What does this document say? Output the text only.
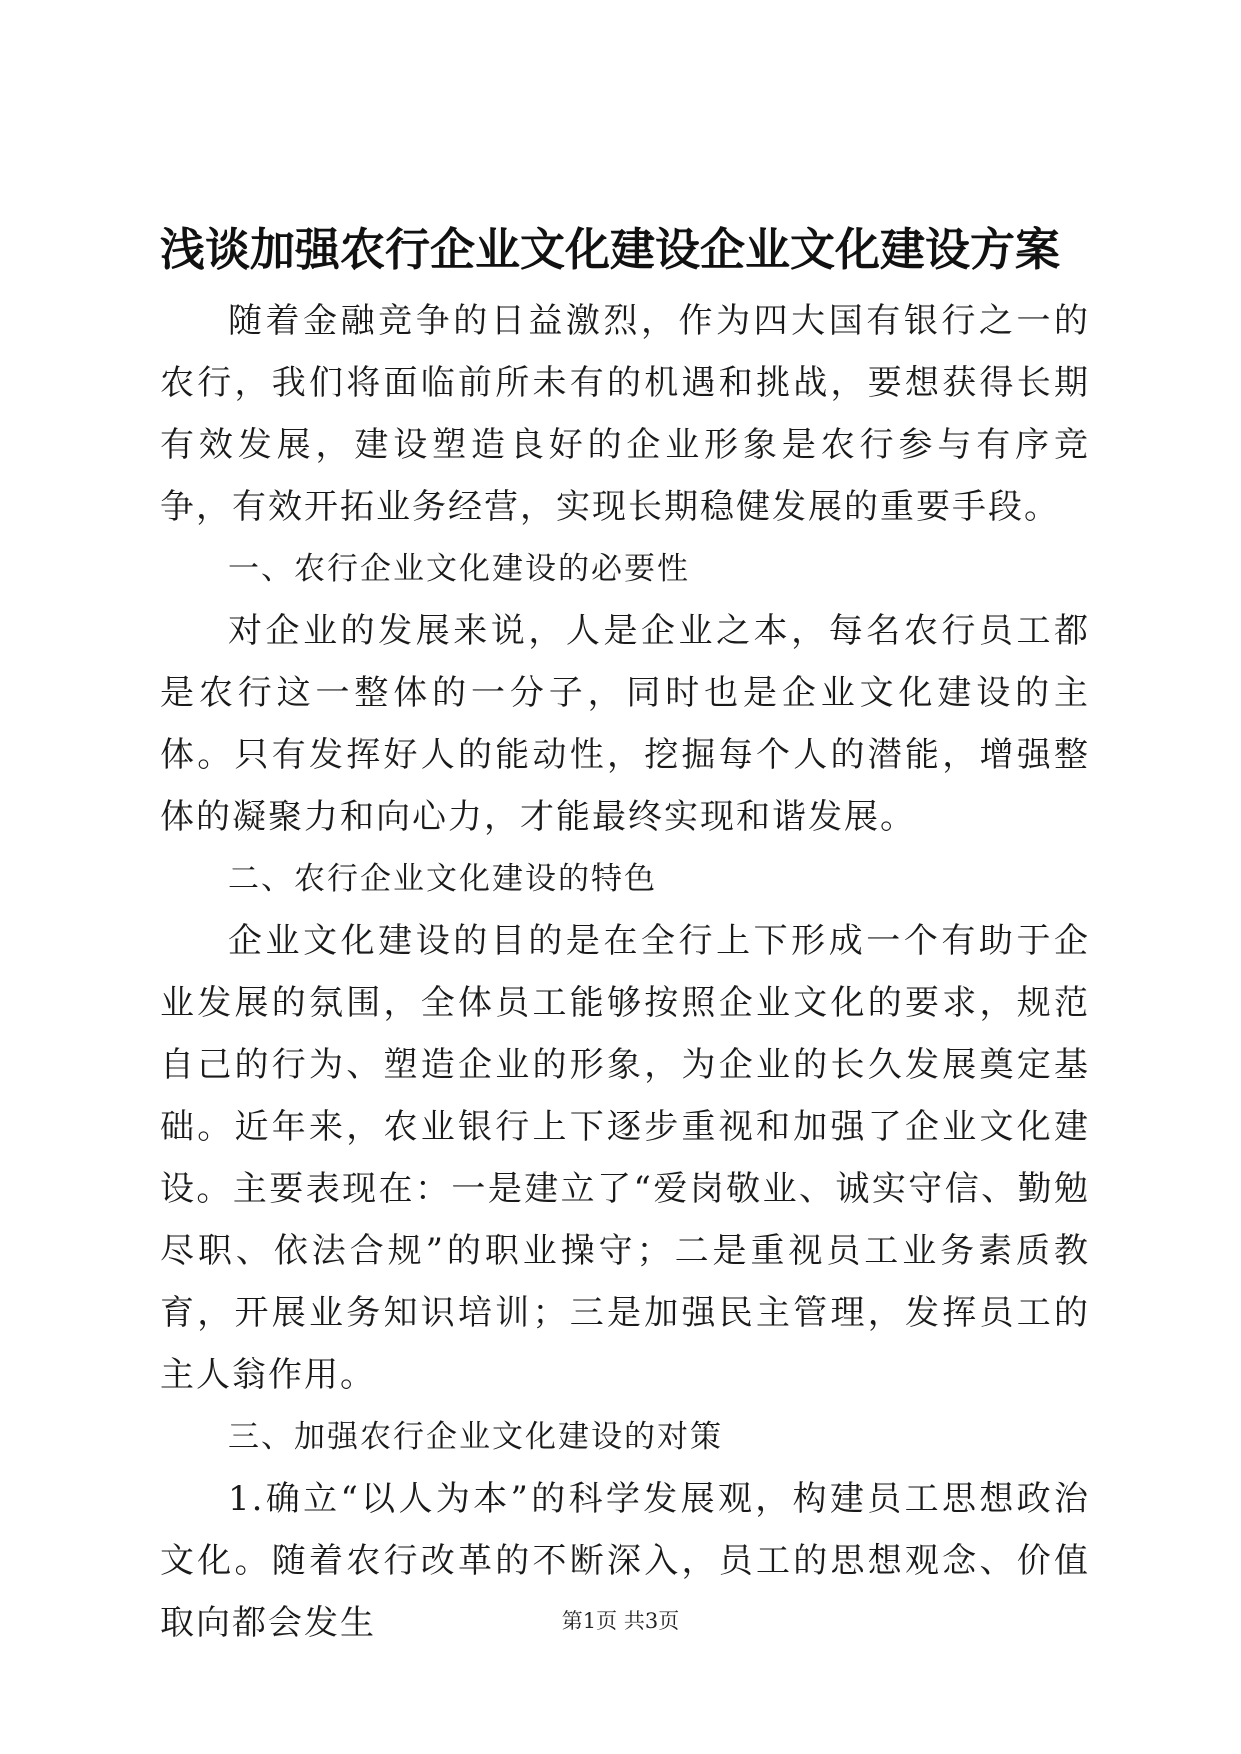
浅谈加强农行企业文化建设企业文化建设方案

随着金融竞争的日益激烈，作为四大国有银行之一的农行，我们将面临前所未有的机遇和挑战，要想获得长期有效发展，建设塑造良好的企业形象是农行参与有序竞争，有效开拓业务经营，实现长期稳健发展的重要手段。

一、农行企业文化建设的必要性

对企业的发展来说，人是企业之本，每名农行员工都是农行这一整体的一分子，同时也是企业文化建设的主体。只有发挥好人的能动性，挖掘每个人的潜能，增强整体的凝聚力和向心力，才能最终实现和谐发展。

二、农行企业文化建设的特色

企业文化建设的目的是在全行上下形成一个有助于企业发展的氛围，全体员工能够按照企业文化的要求，规范自己的行为、塑造企业的形象，为企业的长久发展奠定基础。近年来，农业银行上下逐步重视和加强了企业文化建设。主要表现在：一是建立了“爱岗敬业、诚实守信、勤勉尽职、依法合规”的职业操守；二是重视员工业务素质教育，开展业务知识培训；三是加强民主管理，发挥员工的主人翁作用。

三、加强农行企业文化建设的对策

1.确立“以人为本”的科学发展观，构建员工思想政治文化。随着农行改革的不断深入，员工的思想观念、价值取向都会发生	第1页 共3页
